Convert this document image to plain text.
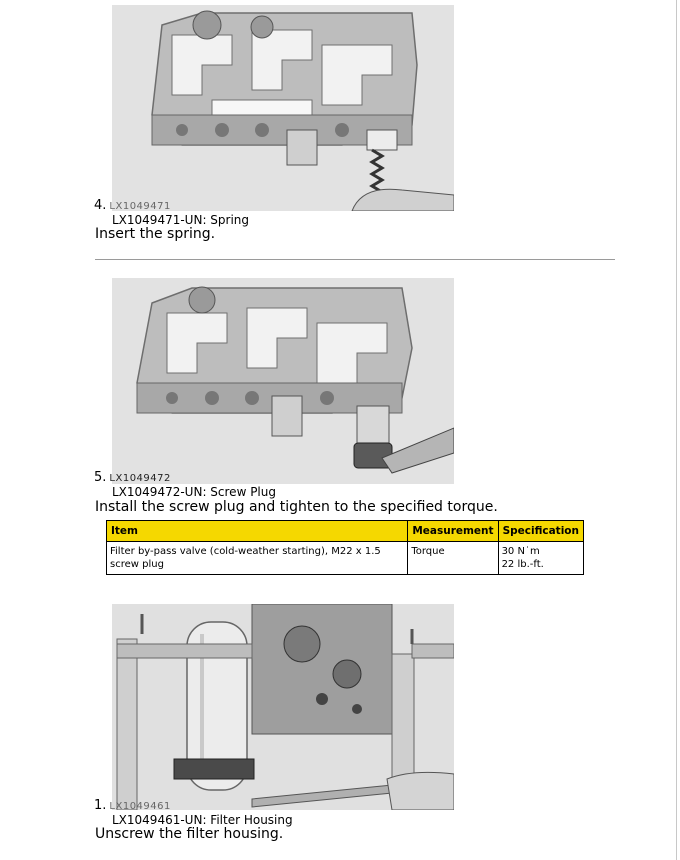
4. LX1049471
LX1049471-UN: Spring
Insert the spring.
5. LX1049472
LX1049472-UN: Screw Plug
Install the screw plug and tighten to the specified torque.
Item	Measurement	Specification
Filter by-pass valve (cold-weather starting), M22 x 1.5 screw plug	Torque	30 N˙m
22 lb.-ft.
1. LX1049461
LX1049461-UN: Filter Housing
Unscrew the filter housing.
